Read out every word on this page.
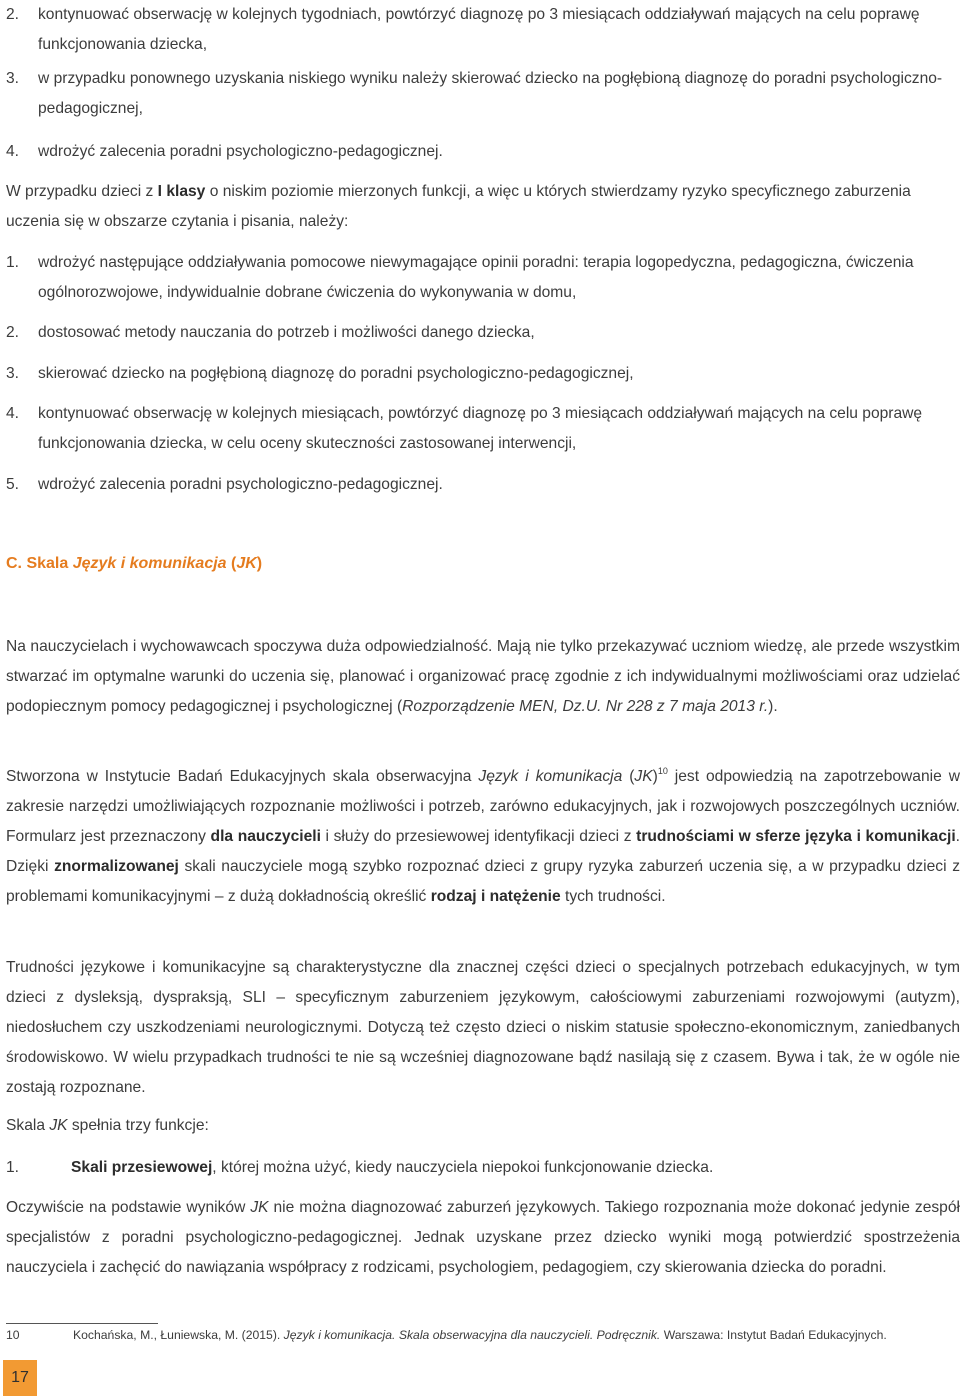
2. kontynuować obserwację w kolejnych tygodniach, powtórzyć diagnozę po 3 miesiącach oddziaływań mających na celu poprawę funkcjonowania dziecka,
3. w przypadku ponownego uzyskania niskiego wyniku należy skierować dziecko na pogłębioną diagnozę do poradni psychologiczno-pedagogicznej,
4. wdrożyć zalecenia poradni psychologiczno-pedagogicznej.

W przypadku dzieci z I klasy o niskim poziomie mierzonych funkcji, a więc u których stwierdzamy ryzyko specyficznego zaburzenia uczenia się w obszarze czytania i pisania, należy:

1. wdrożyć następujące oddziaływania pomocowe niewymagające opinii poradni: terapia logopedyczna, pedagogiczna, ćwiczenia ogólnorozwojowe, indywidualnie dobrane ćwiczenia do wykonywania w domu,
2. dostosować metody nauczania do potrzeb i możliwości danego dziecka,
3. skierować dziecko na pogłębioną diagnozę do poradni psychologiczno-pedagogicznej,
4. kontynuować obserwację w kolejnych miesiącach, powtórzyć diagnozę po 3 miesiącach oddziaływań mających na celu poprawę funkcjonowania dziecka, w celu oceny skuteczności zastosowanej interwencji,
5. wdrożyć zalecenia poradni psychologiczno-pedagogicznej.
C. Skala Język i komunikacja (JK)

Na nauczycielach i wychowawcach spoczywa duża odpowiedzialność. Mają nie tylko przekazywać uczniom wiedzę, ale przede wszystkim stwarzać im optymalne warunki do uczenia się, planować i organizować pracę zgodnie z ich indywidualnymi możliwościami oraz udzielać podopiecznym pomocy pedagogicznej i psychologicznej (Rozporządzenie MEN, Dz.U. Nr 228 z 7 maja 2013 r.).

Stworzona w Instytucie Badań Edukacyjnych skala obserwacyjna Język i komunikacja (JK)$^{10}$ jest odpowiedzią na zapotrzebowanie w zakresie narzędzi umożliwiających rozpoznanie możliwości i potrzeb, zarówno edukacyjnych, jak i rozwojowych poszczególnych uczniów. Formularz jest przeznaczony dla nauczycieli i służy do przesiewowej identyfikacji dzieci z trudnościami w sferze języka i komunikacji. Dzięki znormalizowanej skali nauczyciele mogą szybko rozpoznać dzieci z grupy ryzyka zaburzeń uczenia się, a w przypadku dzieci z problemami komunikacyjnymi – z dużą dokładnością określić rodzaj i natężenie tych trudności.

Trudności językowe i komunikacyjne są charakterystyczne dla znacznej części dzieci o specjalnych potrzebach edukacyjnych, w tym dzieci z dysleksją, dyspraksją, SLI – specyficznym zaburzeniem językowym, całościowymi zaburzeniami rozwojowymi (autyzm), niedosłuchem czy uszkodzeniami neurologicznymi. Dotyczą też często dzieci o niskim statusie społeczno-ekonomicznym, zaniedbanych środowiskowo. W wielu przypadkach trudności te nie są wcześniej diagnozowane bądź nasilają się z czasem. Bywa i tak, że w ogóle nie zostają rozpoznane.

Skala JK spełnia trzy funkcje:

1.	Skali przesiewowej, której można użyć, kiedy nauczyciela niepokoi funkcjonowanie dziecka.

Oczywiście na podstawie wyników JK nie można diagnozować zaburzeń językowych. Takiego rozpoznania może dokonać jedynie zespół specjalistów z poradni psychologiczno-pedagogicznej. Jednak uzyskane przez dziecko wyniki mogą potwierdzić spostrzeżenia nauczyciela i zachęcić do nawiązania współpracy z rodzicami, psychologiem, pedagogiem, czy skierowania dziecka do poradni.

10	Kochańska, M., Łuniewska, M. (2015). Język i komunikacja. Skala obserwacyjna dla nauczycieli. Podręcznik. Warszawa: Instytut Badań Edukacyjnych.
17
